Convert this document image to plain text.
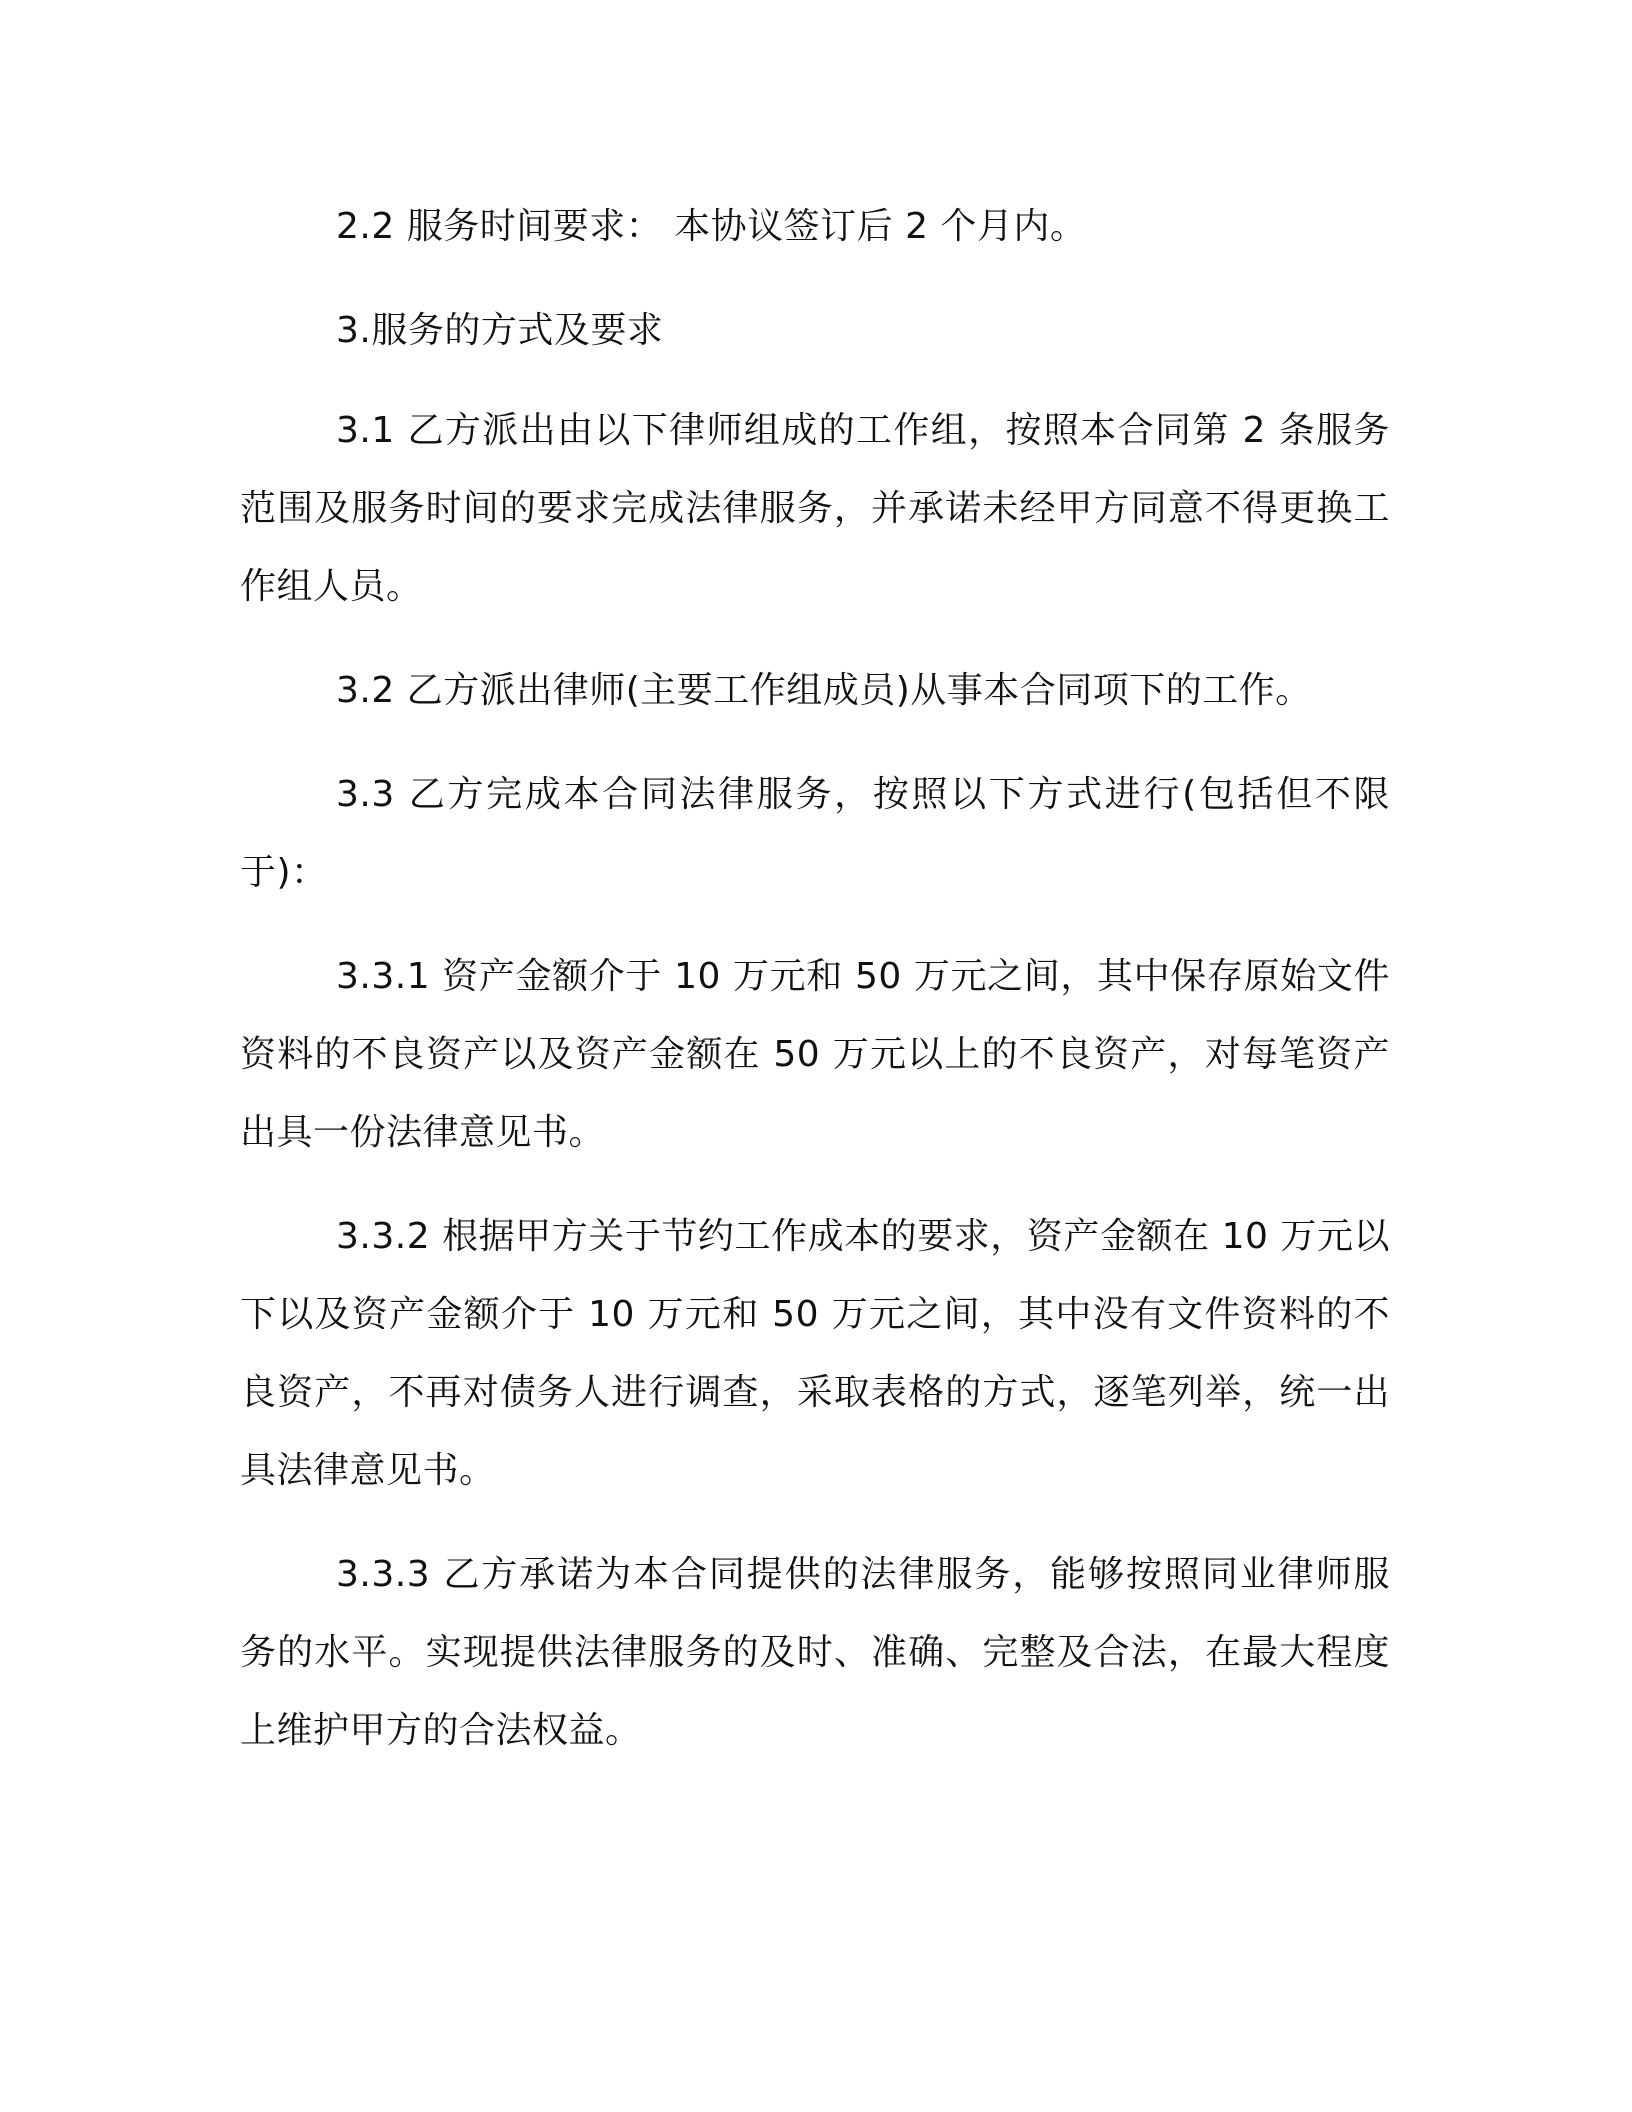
2.2 服务时间要求： 本协议签订后 2 个月内。

3.服务的方式及要求

3.1 乙方派出由以下律师组成的工作组，按照本合同第 2 条服务范围及服务时间的要求完成法律服务，并承诺未经甲方同意不得更换工作组人员。

3.2 乙方派出律师(主要工作组成员)从事本合同项下的工作。

3.3 乙方完成本合同法律服务，按照以下方式进行(包括但不限于)：

3.3.1 资产金额介于 10 万元和 50 万元之间，其中保存原始文件资料的不良资产以及资产金额在 50 万元以上的不良资产，对每笔资产出具一份法律意见书。

3.3.2 根据甲方关于节约工作成本的要求，资产金额在 10 万元以下以及资产金额介于 10 万元和 50 万元之间，其中没有文件资料的不良资产，不再对债务人进行调查，采取表格的方式，逐笔列举，统一出具法律意见书。

3.3.3 乙方承诺为本合同提供的法律服务，能够按照同业律师服务的水平。实现提供法律服务的及时、准确、完整及合法，在最大程度上维护甲方的合法权益。
